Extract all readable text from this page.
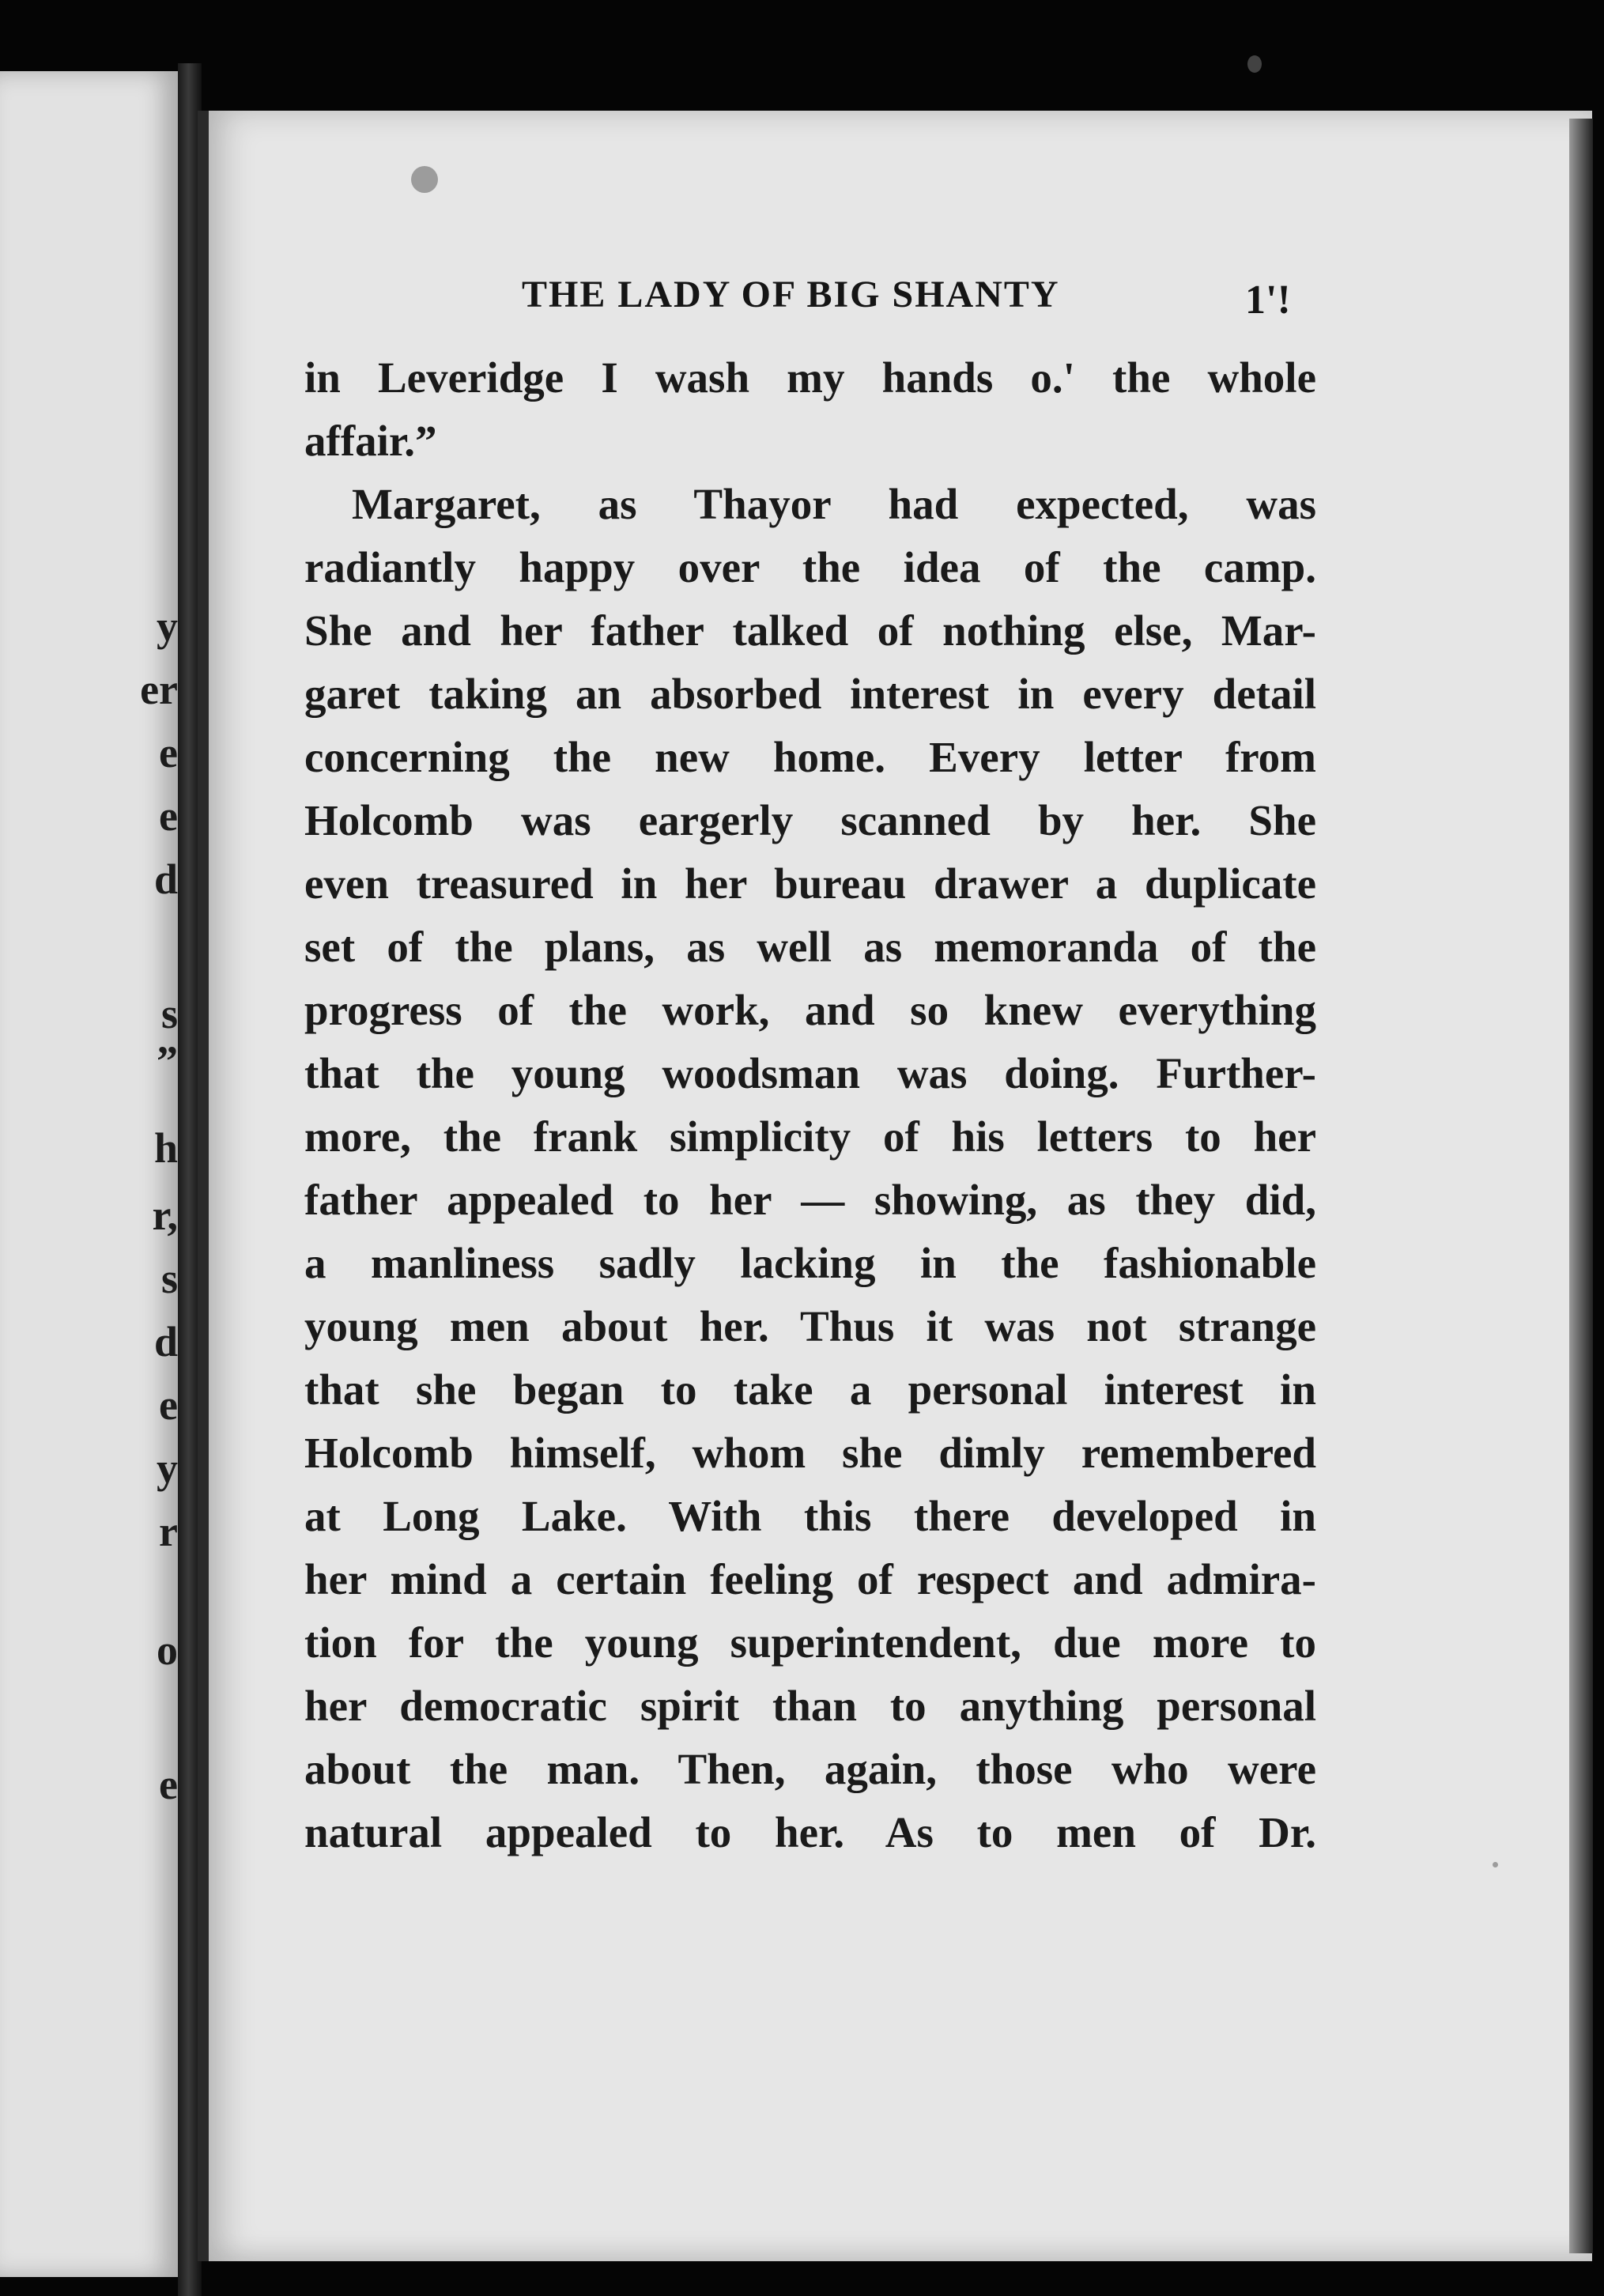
y
er
e
e
d
s
”
h
r,
s
d
e
y
r
o
e
THE LADY OF BIG SHANTY	1'!
in Leveridge I wash my hands o.' the whole
affair.”
Margaret, as Thayor had expected, was
radiantly happy over the idea of the camp.
She and her father talked of nothing else, Mar-
garet taking an absorbed interest in every detail
concerning the new home. Every letter from
Holcomb was eargerly scanned by her. She
even treasured in her bureau drawer a duplicate
set of the plans, as well as memoranda of the
progress of the work, and so knew everything
that the young woodsman was doing. Further-
more, the frank simplicity of his letters to her
father appealed to her — showing, as they did,
a manliness sadly lacking in the fashionable
young men about her. Thus it was not strange
that she began to take a personal interest in
Holcomb himself, whom she dimly remembered
at Long Lake. With this there developed in
her mind a certain feeling of respect and admira-
tion for the young superintendent, due more to
her democratic spirit than to anything personal
about the man. Then, again, those who were
natural appealed to her. As to men of Dr.
